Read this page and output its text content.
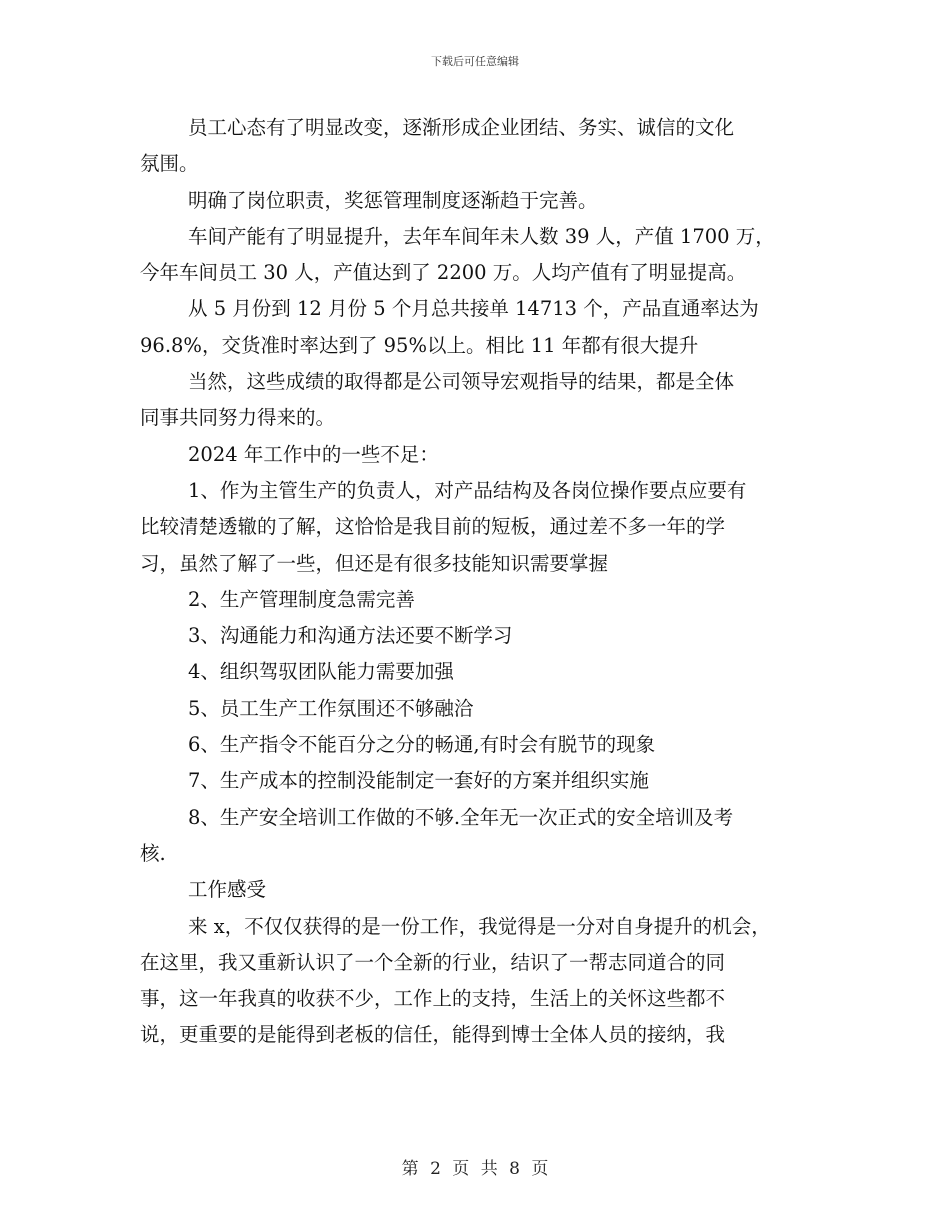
下载后可任意编辑
员工心态有了明显改变，逐渐形成企业团结、务实、诚信的文化
氛围。
明确了岗位职责，奖惩管理制度逐渐趋于完善。
车间产能有了明显提升，去年车间年未人数 39 人，产值 1700 万，
今年车间员工 30 人，产值达到了 2200 万。人均产值有了明显提高。
从 5 月份到 12 月份 5 个月总共接单 14713 个，产品直通率达为
96.8%，交货准时率达到了 95%以上。相比 11 年都有很大提升
当然，这些成绩的取得都是公司领导宏观指导的结果，都是全体
同事共同努力得来的。
2024 年工作中的一些不足：
1、作为主管生产的负责人，对产品结构及各岗位操作要点应要有
比较清楚透辙的了解，这恰恰是我目前的短板，通过差不多一年的学
习，虽然了解了一些，但还是有很多技能知识需要掌握
2、生产管理制度急需完善
3、沟通能力和沟通方法还要不断学习
4、组织驾驭团队能力需要加强
5、员工生产工作氛围还不够融洽
6、生产指令不能百分之分的畅通,有时会有脱节的现象
7、生产成本的控制没能制定一套好的方案并组织实施
8、生产安全培训工作做的不够.全年无一次正式的安全培训及考
核.
工作感受
来 x，不仅仅获得的是一份工作，我觉得是一分对自身提升的机会，
在这里，我又重新认识了一个全新的行业，结识了一帮志同道合的同
事，这一年我真的收获不少，工作上的支持，生活上的关怀这些都不
说，更重要的是能得到老板的信任，能得到博士全体人员的接纳，我
第 2 页 共 8 页
